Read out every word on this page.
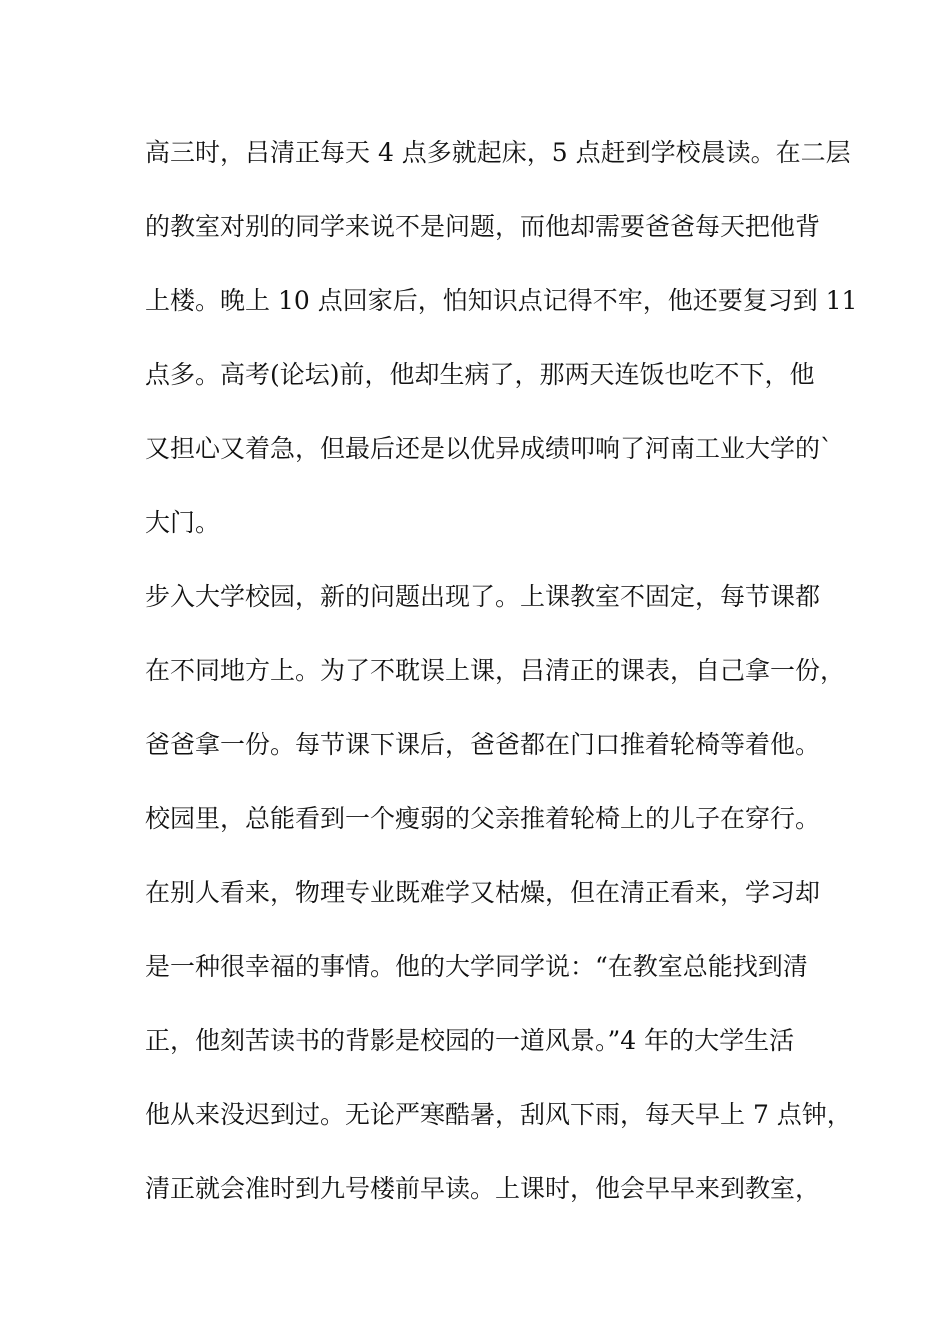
高三时，吕清正每天 4 点多就起床，5 点赶到学校晨读。在二层
的教室对别的同学来说不是问题，而他却需要爸爸每天把他背
上楼。晚上 10 点回家后，怕知识点记得不牢，他还要复习到 11
点多。高考(论坛)前，他却生病了，那两天连饭也吃不下，他
又担心又着急，但最后还是以优异成绩叩响了河南工业大学的`
大门。
步入大学校园，新的问题出现了。上课教室不固定，每节课都
在不同地方上。为了不耽误上课，吕清正的课表，自己拿一份，
爸爸拿一份。每节课下课后，爸爸都在门口推着轮椅等着他。
校园里，总能看到一个瘦弱的父亲推着轮椅上的儿子在穿行。
在别人看来，物理专业既难学又枯燥，但在清正看来，学习却
是一种很幸福的事情。他的大学同学说：“在教室总能找到清
正，他刻苦读书的背影是校园的一道风景。”4 年的大学生活
他从来没迟到过。无论严寒酷暑，刮风下雨，每天早上 7 点钟，
清正就会准时到九号楼前早读。上课时，他会早早来到教室，
